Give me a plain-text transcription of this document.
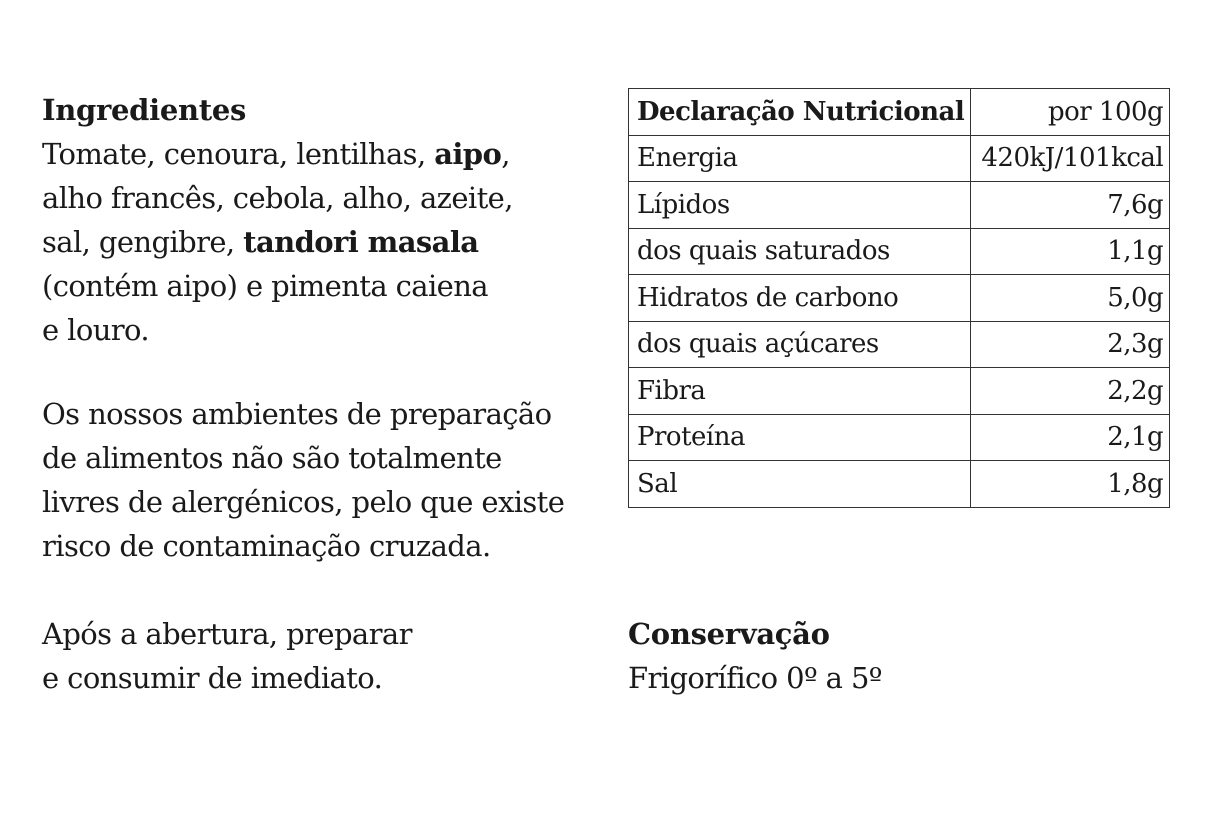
Ingredientes

Tomate, cenoura, lentilhas, aipo,
alho francês, cebola, alho, azeite,
sal, gengibre, tandori masala
(contém aipo) e pimenta caiena
e louro.

Os nossos ambientes de preparação
de alimentos não são totalmente
livres de alergénicos, pelo que existe
risco de contaminação cruzada.

Após a abertura, preparar
e consumir de imediato.

Declaração Nutricional	por 100g
Energia	420kJ/101kcal
Lípidos	7,6g
dos quais saturados	1,1g
Hidratos de carbono	5,0g
dos quais açúcares	2,3g
Fibra	2,2g
Proteína	2,1g
Sal	1,8g
Conservação

Frigorífico 0º a 5º
